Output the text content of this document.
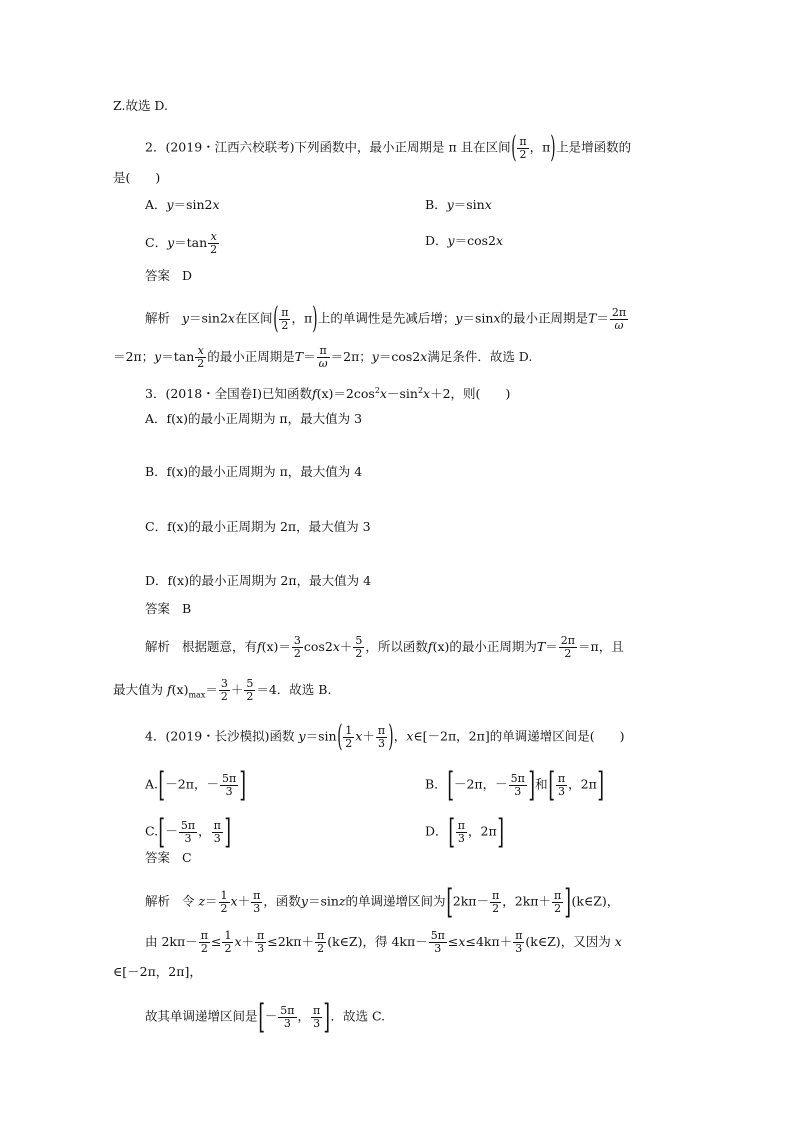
Z.故选 D.
2．(2019・江西六校联考)下列函数中，最小正周期是 π 且在区间( $\frac{\pi}{2}$ ，π)上是增函数的
是(　　)
A．y＝sin2x	B．y＝sinx
C．$y=\tan \frac{x}{2}$	D．y＝cos2x
答案 D
解析 y＝sin2x在区间( $\frac{\pi}{2}$ ，π)上的单调性是先减后增；y＝sinx的最小正周期是$T= \frac{2\pi}{\omega}$
＝2π；$y=\tan \frac{x}{2}$ 的最小正周期是$T= \frac{\pi}{\omega} =2\pi$；y＝cos2x满足条件．故选 D.
3．(2018・全国卷Ⅰ)已知函数$f(x)=2\cos^2x-\sin^2x+2$，则(　　)
A．f(x)的最小正周期为 π，最大值为 3
B．f(x)的最小正周期为 π，最大值为 4
C．f(x)的最小正周期为 2π，最大值为 3
D．f(x)的最小正周期为 2π，最大值为 4
答案 B
解析 根据题意，有$f(x)= \frac{3}{2} \cos 2x+ \frac{5}{2}$ ，所以函数f(x)的最小正周期为$T= \frac{2\pi}{2} =\pi$，且
最大值为 $f(x)_{max}= \frac{3}{2} + \frac{5}{2} =4$．故选 B.
4．(2019・长沙模拟)函数 $y=\sin( \frac{1}{2} x+ \frac{\pi}{3}$ )，x∈[－2π，2π]的单调递增区间是(　　)
A.[－2π，－ $\frac{5\pi}{3}$ ]	B．[－2π，－ $\frac{5\pi}{3}$ ]和[ $\frac{\pi}{3}$ ，2π]
$C.[- \frac{5\pi}{3}$ ， $\frac{\pi}{3}$ ]	D．[ $\frac{\pi}{3}$ ，2π]
答案 C
解析 令 $z= \frac{1}{2} x+ \frac{\pi}{3}$ ，函数y＝sinz的单调递增区间为[$2k\pi- \frac{\pi}{2}$ ，$2k\pi+ \frac{\pi}{2}$ ](k∈Z)，
由 $2k\pi- \frac{\pi}{2} \le \frac{1}{2} x+ \frac{\pi}{3} \le 2k\pi+ \frac{\pi}{2}$ (k∈Z)，得 $4k\pi- \frac{5\pi}{3} \le x\le 4k\pi+ \frac{\pi}{3}$ (k∈Z)，又因为 x
∈[－2π，2π]，
故其单调递增区间是[－ $\frac{5\pi}{3}$ ， $\frac{\pi}{3}$ ]．故选 C.
